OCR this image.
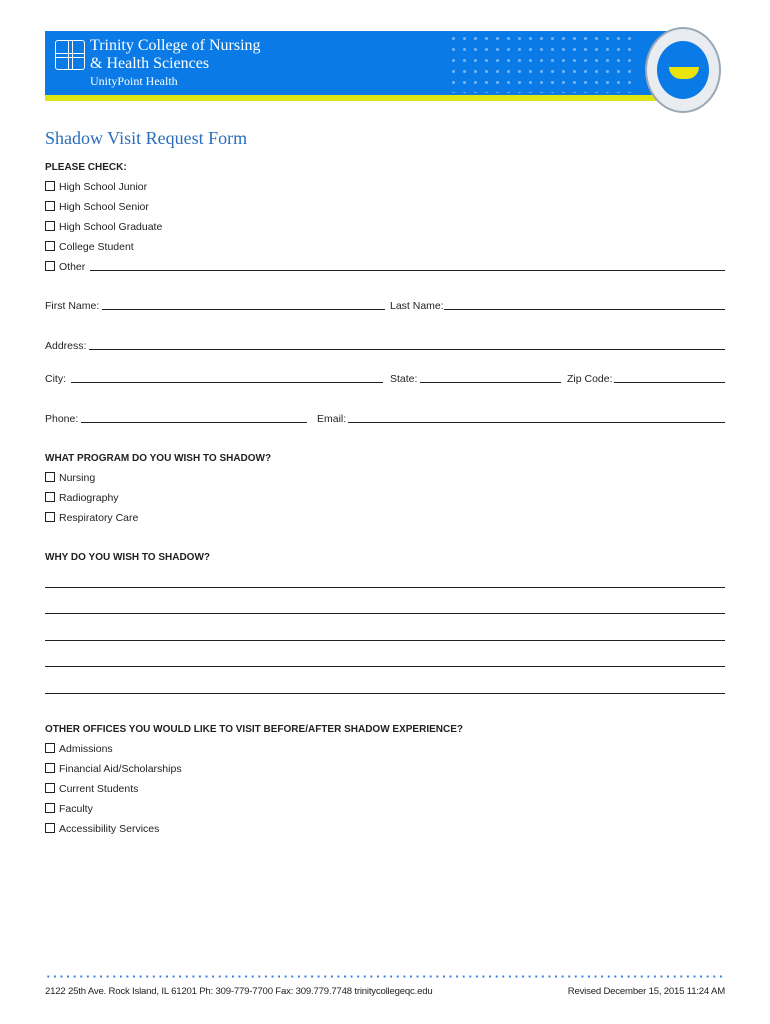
Trinity College of Nursing
& Health Sciences
UnityPoint Health
Shadow Visit Request Form
PLEASE CHECK:
High School Junior
High School Senior
High School Graduate
College Student
Other
First Name:	Last Name:
Address:
City:	State:	Zip Code:
Phone:	Email:
WHAT PROGRAM DO YOU WISH TO SHADOW?
Nursing
Radiography
Respiratory Care
WHY DO YOU WISH TO SHADOW?
OTHER OFFICES YOU WOULD LIKE TO VISIT BEFORE/AFTER SHADOW EXPERIENCE?
Admissions
Financial Aid/Scholarships
Current Students
Faculty
Accessibility Services
2122 25th Ave. Rock Island, IL 61201 Ph: 309-779-7700 Fax: 309.779.7748 trinitycollegeqc.edu	Revised December 15, 2015 11:24 AM
